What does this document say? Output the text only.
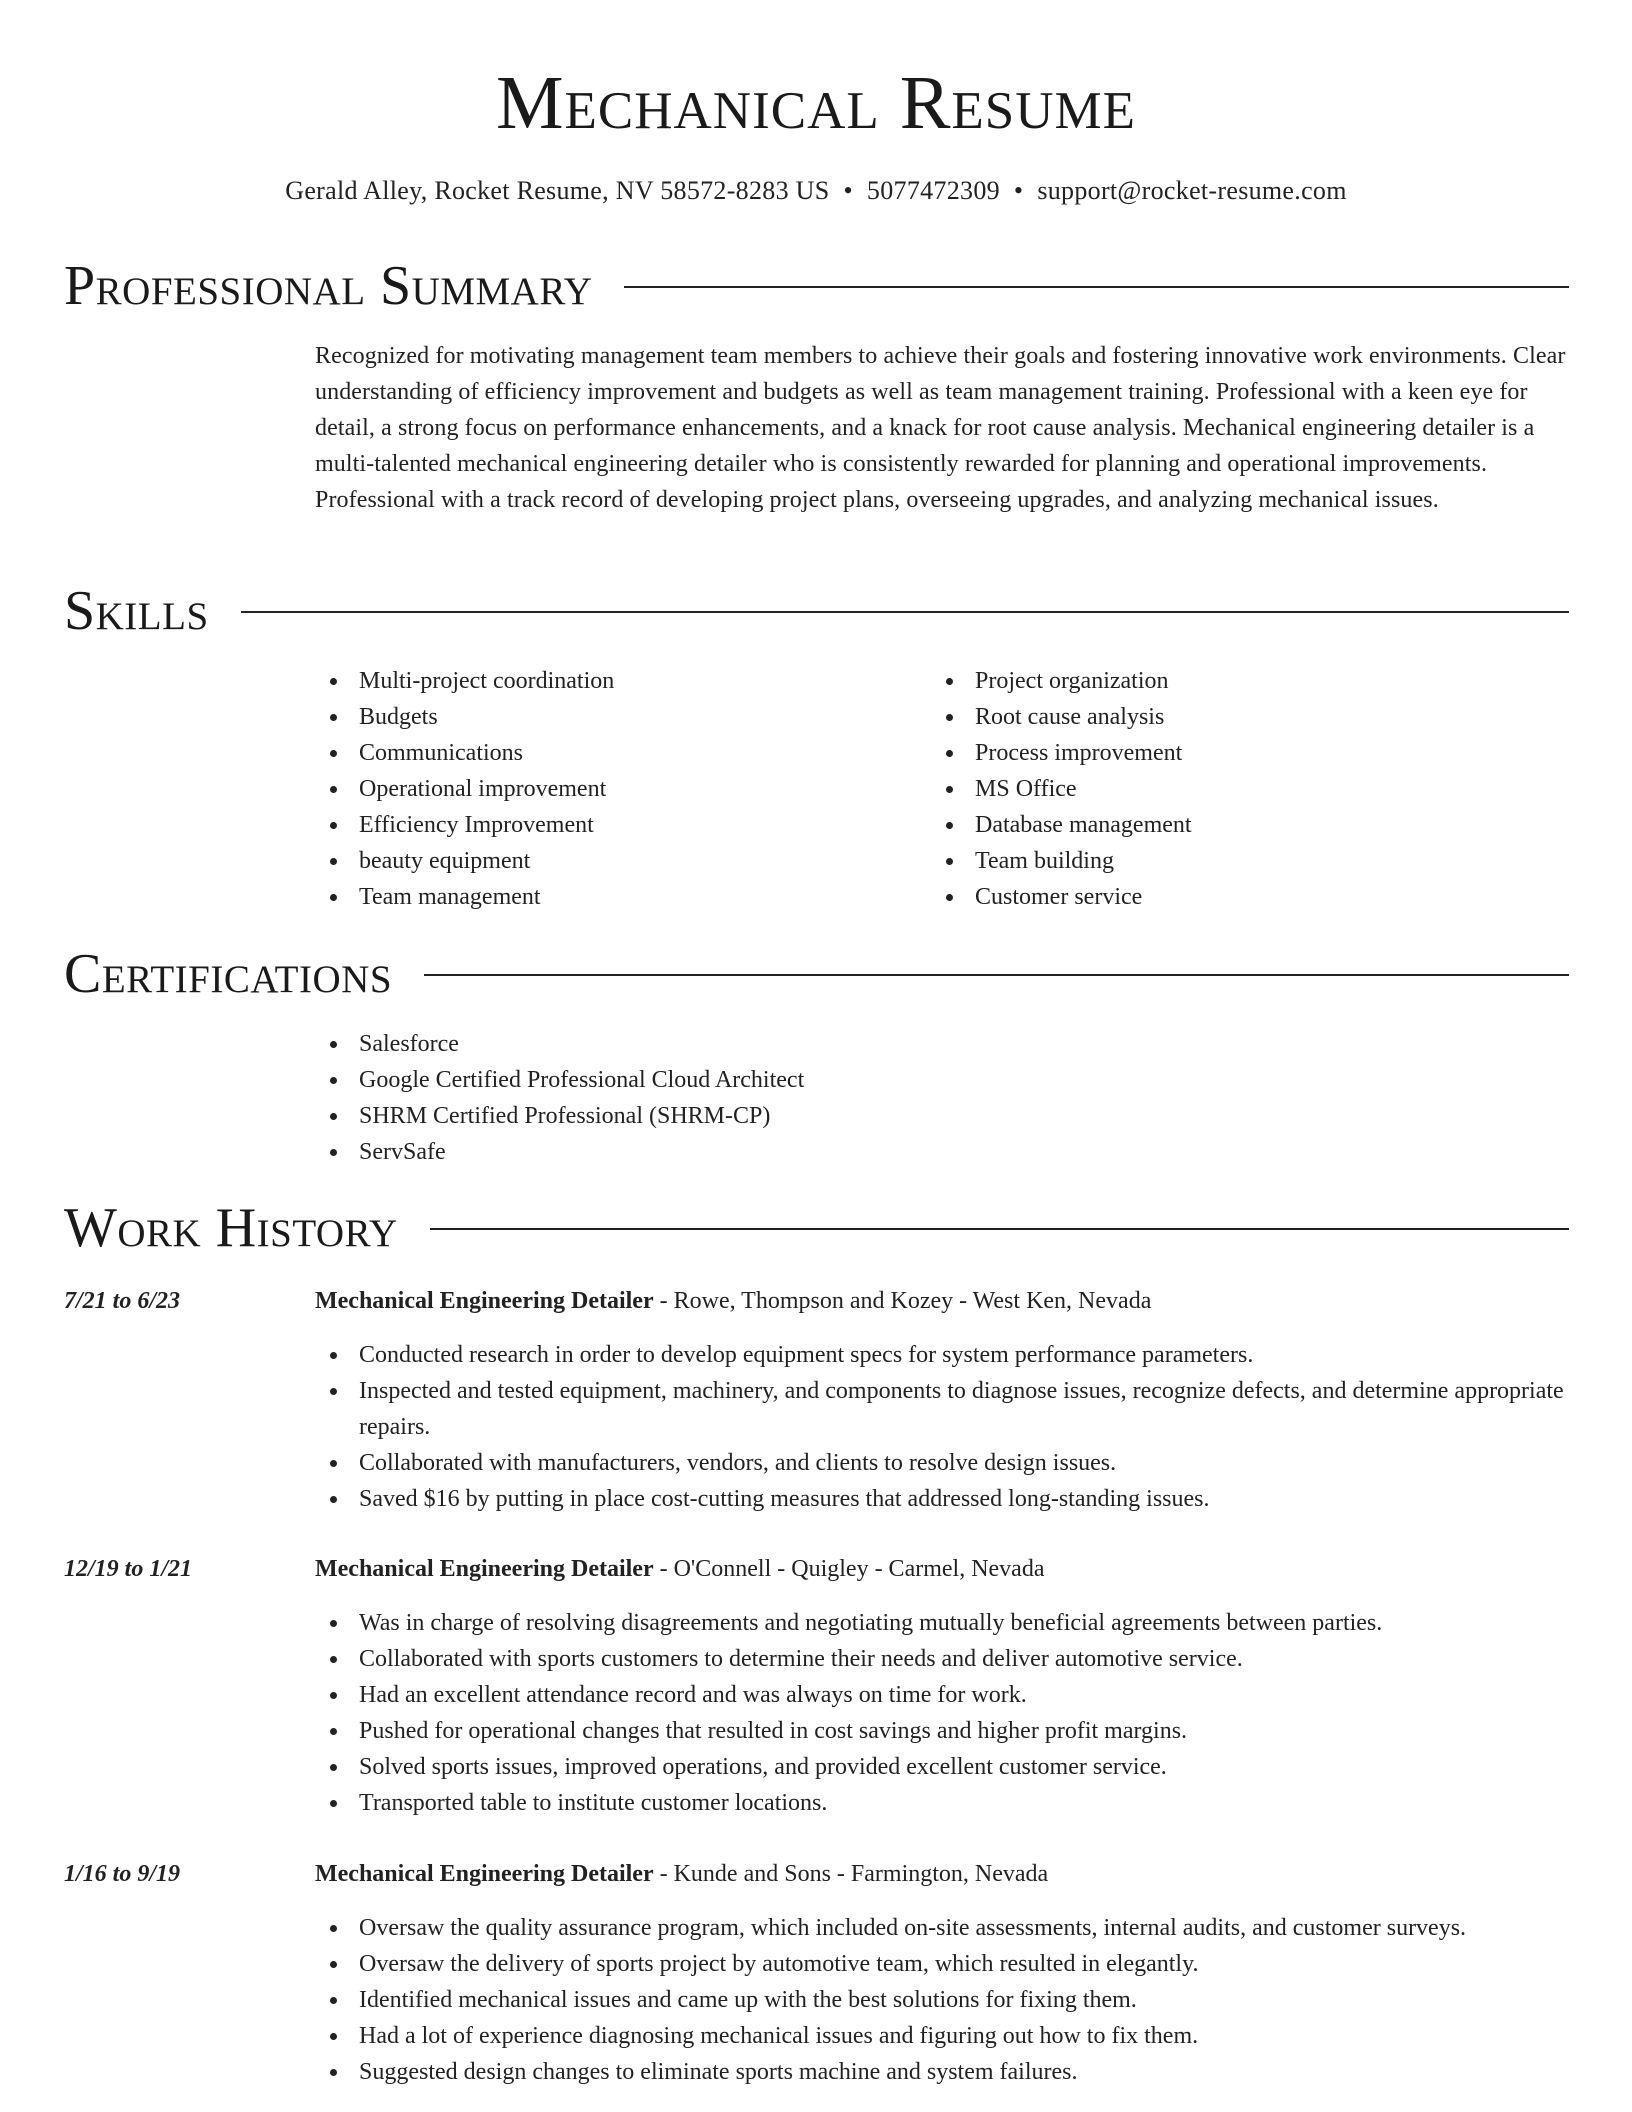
Mechanical Resume
Gerald Alley, Rocket Resume, NV 58572-8283 US • 5077472309 • support@rocket-resume.com
Professional Summary
Recognized for motivating management team members to achieve their goals and fostering innovative work environments. Clear understanding of efficiency improvement and budgets as well as team management training. Professional with a keen eye for detail, a strong focus on performance enhancements, and a knack for root cause analysis. Mechanical engineering detailer is a multi-talented mechanical engineering detailer who is consistently rewarded for planning and operational improvements. Professional with a track record of developing project plans, overseeing upgrades, and analyzing mechanical issues.
Skills
Multi-project coordination
Budgets
Communications
Operational improvement
Efficiency Improvement
beauty equipment
Team management
Project organization
Root cause analysis
Process improvement
MS Office
Database management
Team building
Customer service
Certifications
Salesforce
Google Certified Professional Cloud Architect
SHRM Certified Professional (SHRM-CP)
ServSafe
Work History
7/21 to 6/23	Mechanical Engineering Detailer - Rowe, Thompson and Kozey - West Ken, Nevada
Conducted research in order to develop equipment specs for system performance parameters.
Inspected and tested equipment, machinery, and components to diagnose issues, recognize defects, and determine appropriate repairs.
Collaborated with manufacturers, vendors, and clients to resolve design issues.
Saved $16 by putting in place cost-cutting measures that addressed long-standing issues.
12/19 to 1/21	Mechanical Engineering Detailer - O'Connell - Quigley - Carmel, Nevada
Was in charge of resolving disagreements and negotiating mutually beneficial agreements between parties.
Collaborated with sports customers to determine their needs and deliver automotive service.
Had an excellent attendance record and was always on time for work.
Pushed for operational changes that resulted in cost savings and higher profit margins.
Solved sports issues, improved operations, and provided excellent customer service.
Transported table to institute customer locations.
1/16 to 9/19	Mechanical Engineering Detailer - Kunde and Sons - Farmington, Nevada
Oversaw the quality assurance program, which included on-site assessments, internal audits, and customer surveys.
Oversaw the delivery of sports project by automotive team, which resulted in elegantly.
Identified mechanical issues and came up with the best solutions for fixing them.
Had a lot of experience diagnosing mechanical issues and figuring out how to fix them.
Suggested design changes to eliminate sports machine and system failures.
